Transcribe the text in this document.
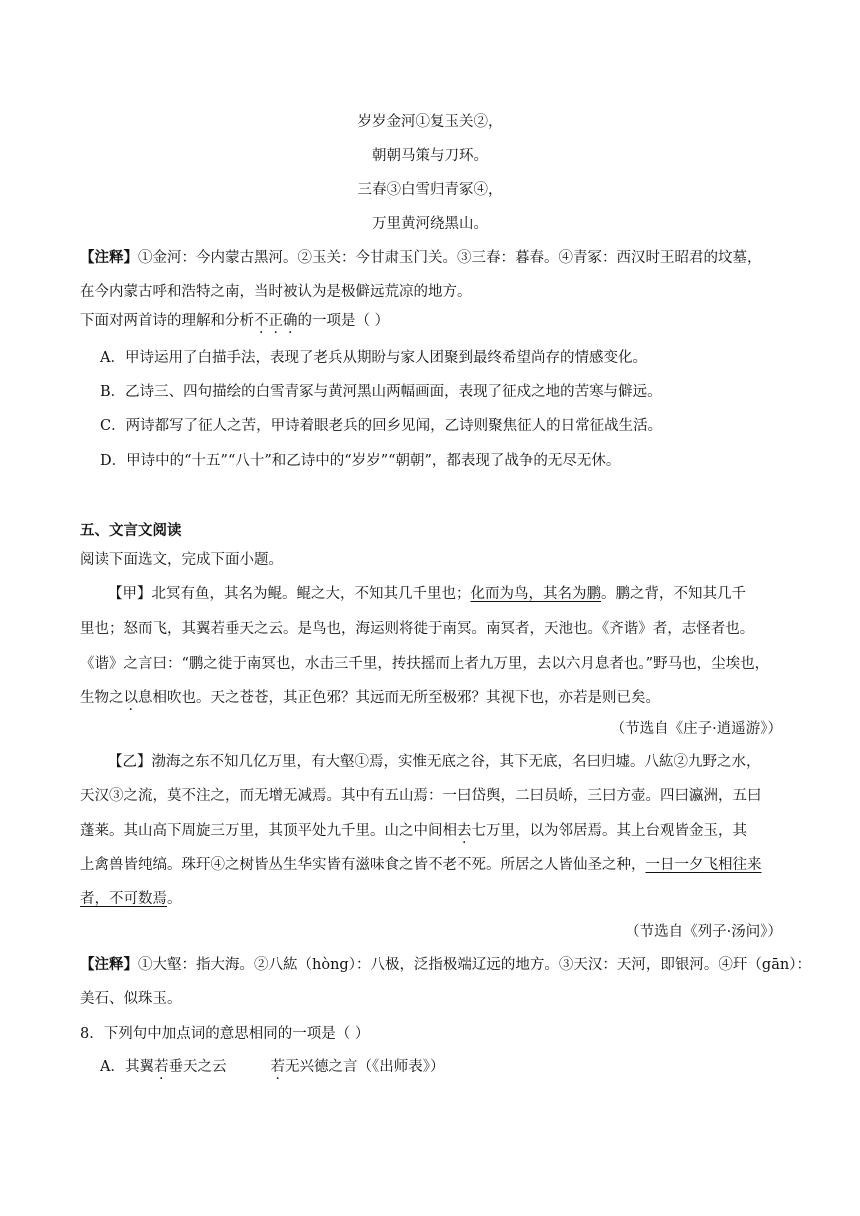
岁岁金河①复玉关②，
朝朝马策与刀环。
三春③白雪归青冢④，
万里黄河绕黑山。
【注释】①金河：今内蒙古黑河。②玉关：今甘肃玉门关。③三春：暮春。④青冢：西汉时王昭君的坟墓，
在今内蒙古呼和浩特之南，当时被认为是极僻远荒凉的地方。
下面对两首诗的理解和分析不正确的一项是（ ）
A．甲诗运用了白描手法，表现了老兵从期盼与家人团聚到最终希望尚存的情感变化。
B．乙诗三、四句描绘的白雪青冢与黄河黑山两幅画面，表现了征戍之地的苦寒与僻远。
C．两诗都写了征人之苦，甲诗着眼老兵的回乡见闻，乙诗则聚焦征人的日常征战生活。
D．甲诗中的“十五”“八十”和乙诗中的“岁岁”“朝朝”，都表现了战争的无尽无休。
五、文言文阅读
阅读下面选文，完成下面小题。
【甲】北冥有鱼，其名为鲲。鲲之大，不知其几千里也；化而为鸟，其名为鹏。鹏之背，不知其几千
里也；怒而飞，其翼若垂天之云。是鸟也，海运则将徙于南冥。南冥者，天池也。《齐谐》者，志怪者也。
《谐》之言曰：“鹏之徙于南冥也，水击三千里，抟扶摇而上者九万里，去以六月息者也。”野马也，尘埃也，
生物之以息相吹也。天之苍苍，其正色邪？其远而无所至极邪？其视下也，亦若是则已矣。
（节选自《庄子·逍遥游》）
【乙】渤海之东不知几亿万里，有大壑①焉，实惟无底之谷，其下无底，名曰归墟。八紘②九野之水，
天汉③之流，莫不注之，而无增无减焉。其中有五山焉：一曰岱舆，二曰员峤，三曰方壶。四曰瀛洲，五曰
蓬莱。其山高下周旋三万里，其顶平处九千里。山之中间相去七万里，以为邻居焉。其上台观皆金玉，其
上禽兽皆纯缟。珠玕④之树皆丛生华实皆有滋味食之皆不老不死。所居之人皆仙圣之种，一日一夕飞相往来
者，不可数焉。
（节选自《列子·汤问》）
【注释】①大壑：指大海。②八紘（hòng）：八极，泛指极端辽远的地方。③天汉：天河，即银河。④玕（gān）：
美石、似珠玉。
8．下列句中加点词的意思相同的一项是（ ）
A．其翼若垂天之云	若无兴德之言（《出师表》）
